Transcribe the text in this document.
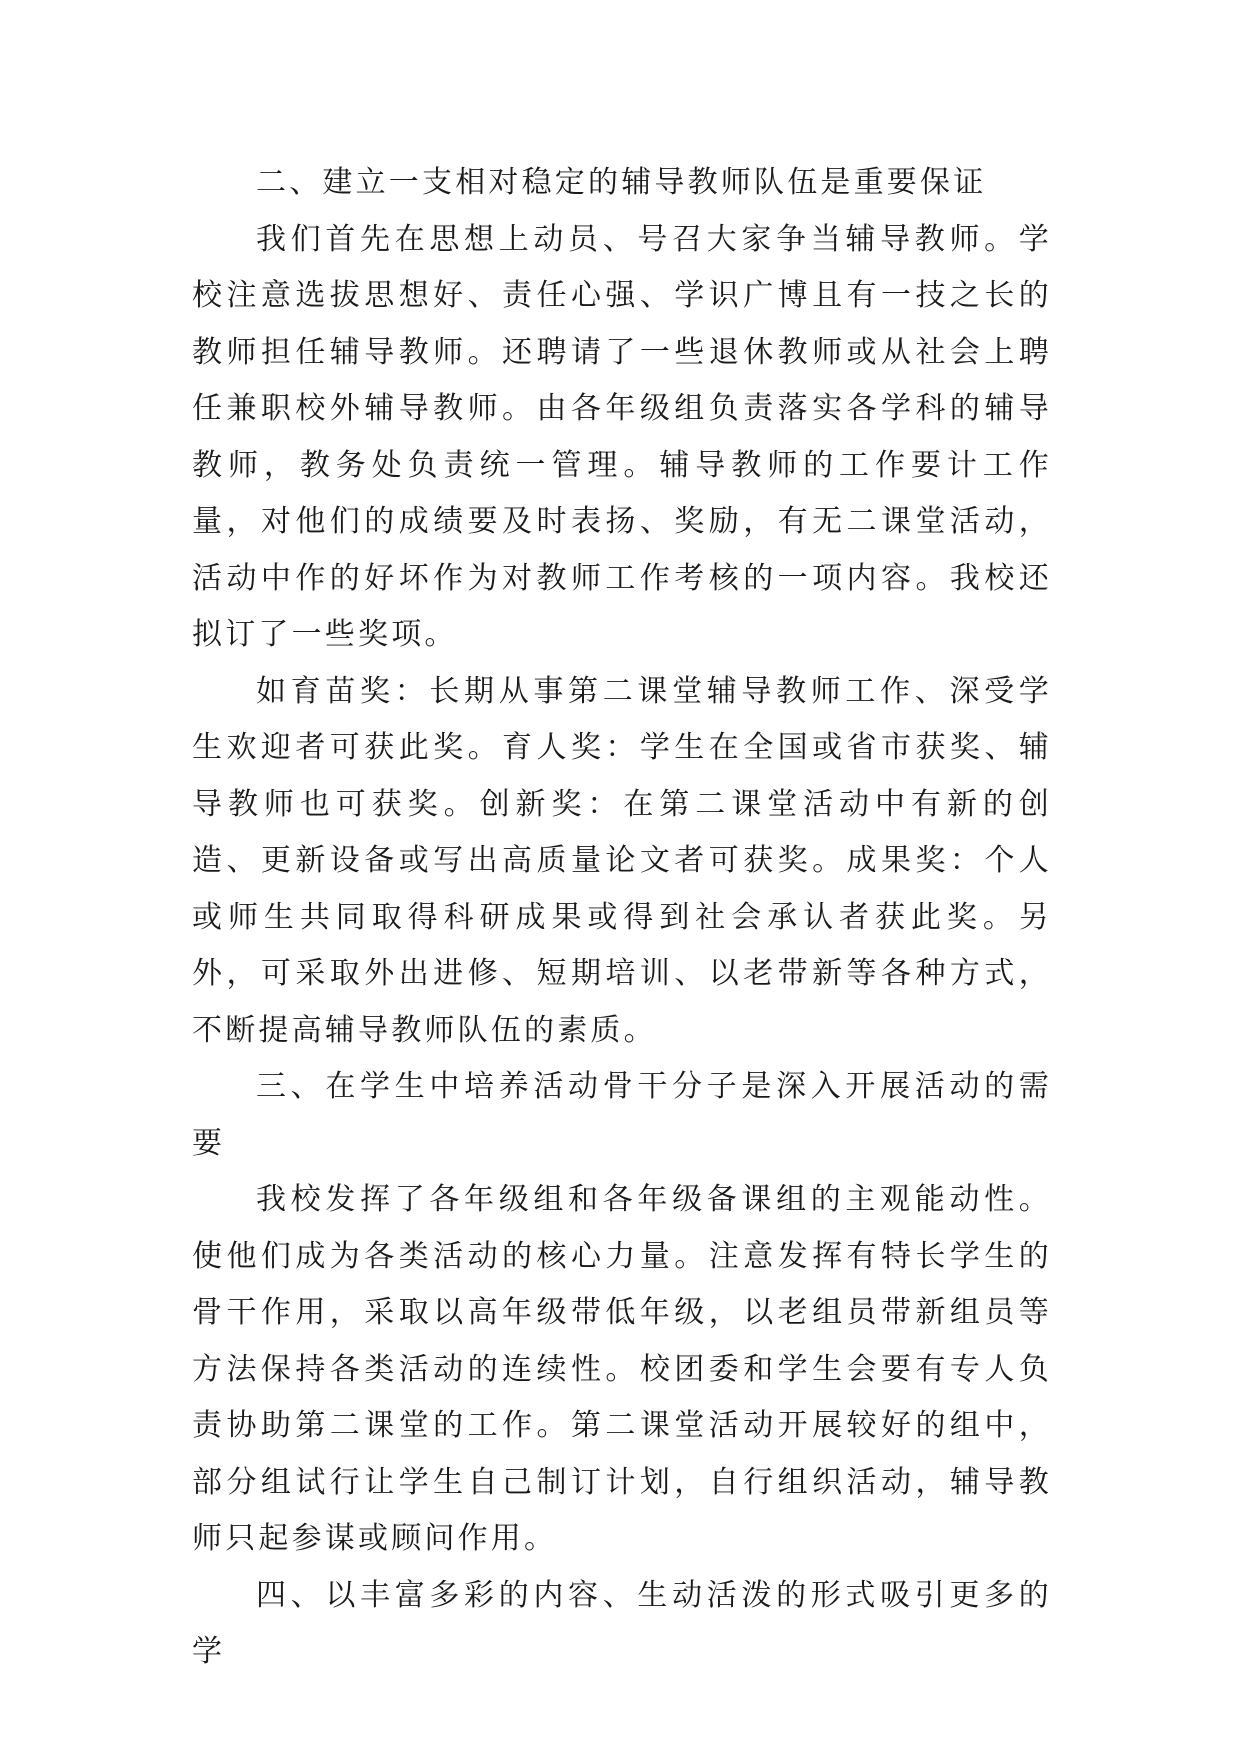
二、建立一支相对稳定的辅导教师队伍是重要保证

我们首先在思想上动员、号召大家争当辅导教师。学校注意选拔思想好、责任心强、学识广博且有一技之长的教师担任辅导教师。还聘请了一些退休教师或从社会上聘任兼职校外辅导教师。由各年级组负责落实各学科的辅导教师，教务处负责统一管理。辅导教师的工作要计工作量，对他们的成绩要及时表扬、奖励，有无二课堂活动，活动中作的好坏作为对教师工作考核的一项内容。我校还拟订了一些奖项。

如育苗奖：长期从事第二课堂辅导教师工作、深受学生欢迎者可获此奖。育人奖：学生在全国或省市获奖、辅导教师也可获奖。创新奖：在第二课堂活动中有新的创造、更新设备或写出高质量论文者可获奖。成果奖：个人或师生共同取得科研成果或得到社会承认者获此奖。另外，可采取外出进修、短期培训、以老带新等各种方式，不断提高辅导教师队伍的素质。

三、在学生中培养活动骨干分子是深入开展活动的需要

我校发挥了各年级组和各年级备课组的主观能动性。使他们成为各类活动的核心力量。注意发挥有特长学生的骨干作用，采取以高年级带低年级，以老组员带新组员等方法保持各类活动的连续性。校团委和学生会要有专人负责协助第二课堂的工作。第二课堂活动开展较好的组中，部分组试行让学生自己制订计划，自行组织活动，辅导教师只起参谋或顾问作用。

四、以丰富多彩的内容、生动活泼的形式吸引更多的学
